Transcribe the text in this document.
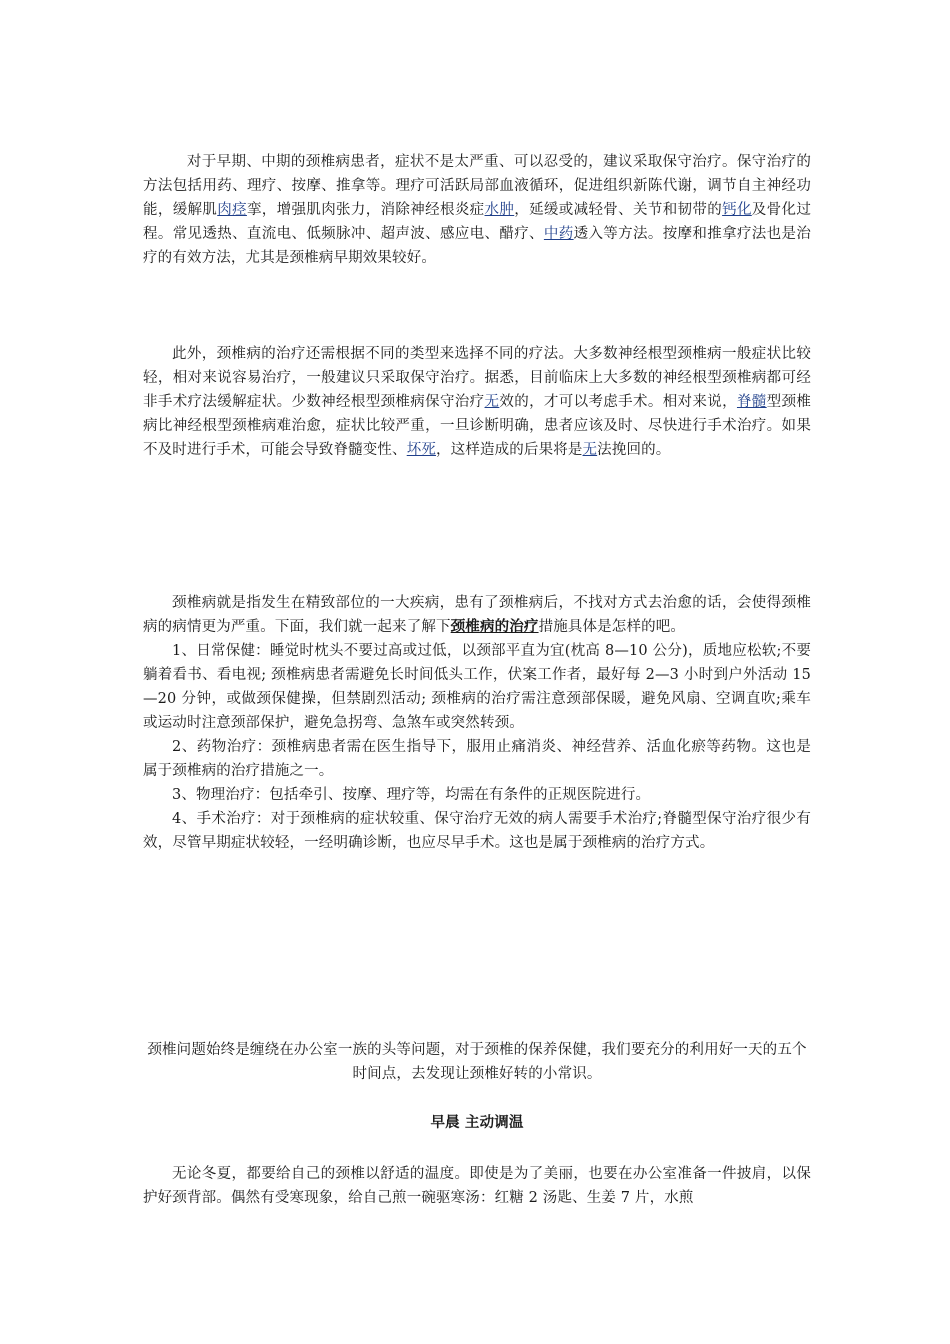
　对于早期、中期的颈椎病患者，症状不是太严重、可以忍受的，建议采取保守治疗。保守治疗的方法包括用药、理疗、按摩、推拿等。理疗可活跃局部血液循环，促进组织新陈代谢，调节自主神经功能，缓解肌肉痉挛，增强肌肉张力，消除神经根炎症水肿，延缓或减轻骨、关节和韧带的钙化及骨化过程。常见透热、直流电、低频脉冲、超声波、感应电、醋疗、中药透入等方法。按摩和推拿疗法也是治疗的有效方法，尤其是颈椎病早期效果较好。

此外，颈椎病的治疗还需根据不同的类型来选择不同的疗法。大多数神经根型颈椎病一般症状比较轻，相对来说容易治疗，一般建议只采取保守治疗。据悉，目前临床上大多数的神经根型颈椎病都可经非手术疗法缓解症状。少数神经根型颈椎病保守治疗无效的，才可以考虑手术。相对来说，脊髓型颈椎病比神经根型颈椎病难治愈，症状比较严重，一旦诊断明确，患者应该及时、尽快进行手术治疗。如果不及时进行手术，可能会导致脊髓变性、坏死，这样造成的后果将是无法挽回的。

颈椎病就是指发生在精致部位的一大疾病，患有了颈椎病后，不找对方式去治愈的话，会使得颈椎病的病情更为严重。下面，我们就一起来了解下颈椎病的治疗措施具体是怎样的吧。

1、日常保健：睡觉时枕头不要过高或过低，以颈部平直为宜(枕高 8—10 公分)，质地应松软;不要躺着看书、看电视; 颈椎病患者需避免长时间低头工作，伏案工作者，最好每 2—3 小时到户外活动 15—20 分钟，或做颈保健操，但禁剧烈活动; 颈椎病的治疗需注意颈部保暖，避免风扇、空调直吹;乘车或运动时注意颈部保护，避免急拐弯、急煞车或突然转颈。

2、药物治疗：颈椎病患者需在医生指导下，服用止痛消炎、神经营养、活血化瘀等药物。这也是属于颈椎病的治疗措施之一。

3、物理治疗：包括牵引、按摩、理疗等，均需在有条件的正规医院进行。

4、手术治疗：对于颈椎病的症状较重、保守治疗无效的病人需要手术治疗;脊髓型保守治疗很少有效，尽管早期症状较轻，一经明确诊断，也应尽早手术。这也是属于颈椎病的治疗方式。

颈椎问题始终是缠绕在办公室一族的头等问题，对于颈椎的保养保健，我们要充分的利用好一天的五个时间点，去发现让颈椎好转的小常识。

早晨 主动调温

无论冬夏，都要给自己的颈椎以舒适的温度。即使是为了美丽，也要在办公室准备一件披肩，以保护好颈背部。偶然有受寒现象，给自己煎一碗驱寒汤：红糖 2 汤匙、生姜 7 片，水煎
